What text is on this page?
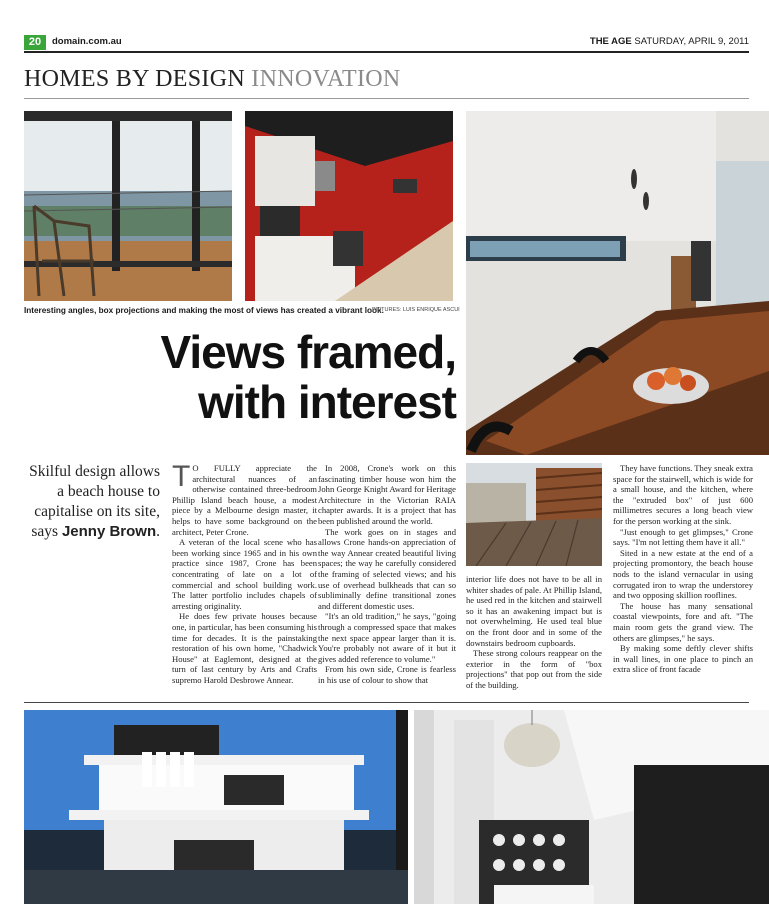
20	domain.com.au	THE AGE SATURDAY, APRIL 9, 2011
HOMES BY DESIGN INNOVATION
Interesting angles, box projections and making the most of views has created a vibrant look.
PICTURES: LUIS ENRIQUE ASCUI
Views framed,
with interest
Skilful design allows a beach house to capitalise on its site, says Jenny Brown.
T O FULLY appreciate the architectural nuances of an otherwise contained three-bedroom Phillip Island beach house, a modest piece by a Melbourne design master, it helps to have some background on the architect, Peter Crone.

A veteran of the local scene who has been working since 1965 and in his own practice since 1987, Crone has been concentrating of late on a lot of commercial and school building work. The latter portfolio includes chapels of arresting originality.

He does few private houses because one, in particular, has been consuming his time for decades. It is the painstaking restoration of his own home, "Chadwick House" at Eaglemont, designed at the turn of last century by Arts and Crafts supremo Harold Desbrowe Annear.

In 2008, Crone's work on this fascinating timber house won him the John George Knight Award for Heritage Architecture in the Victorian RAIA chapter awards. It is a project that has been published around the world.

The work goes on in stages and allows Crone hands-on appreciation of the way Annear created beautiful living spaces; the way he carefully considered the framing of selected views; and his use of overhead bulkheads that can so subliminally define transitional zones and different domestic uses.

"It's an old tradition," he says, "going through a compressed space that makes the next space appear larger than it is. You're probably not aware of it but it gives added reference to volume."

From his own side, Crone is fearless in his use of colour to show that

interior life does not have to be all in whiter shades of pale. At Phillip Island, he used red in the kitchen and stairwell so it has an awakening impact but is not overwhelming. He used teal blue on the front door and in some of the downstairs bedroom cupboards.

These strong colours reappear on the exterior in the form of "box projections" that pop out from the side of the building.

They have functions. They sneak extra space for the stairwell, which is wide for a small house, and the kitchen, where the "extruded box" of just 600 millimetres secures a long beach view for the person working at the sink.

"Just enough to get glimpses," Crone says. "I'm not letting them have it all."

Sited in a new estate at the end of a projecting promontory, the beach house nods to the island vernacular in using corrugated iron to wrap the understorey and two opposing skillion rooflines.

The house has many sensational coastal viewpoints, fore and aft. "The main room gets the grand view. The others are glimpses," he says.

By making some deftly clever shifts in wall lines, in one place to pinch an extra slice of front facade
